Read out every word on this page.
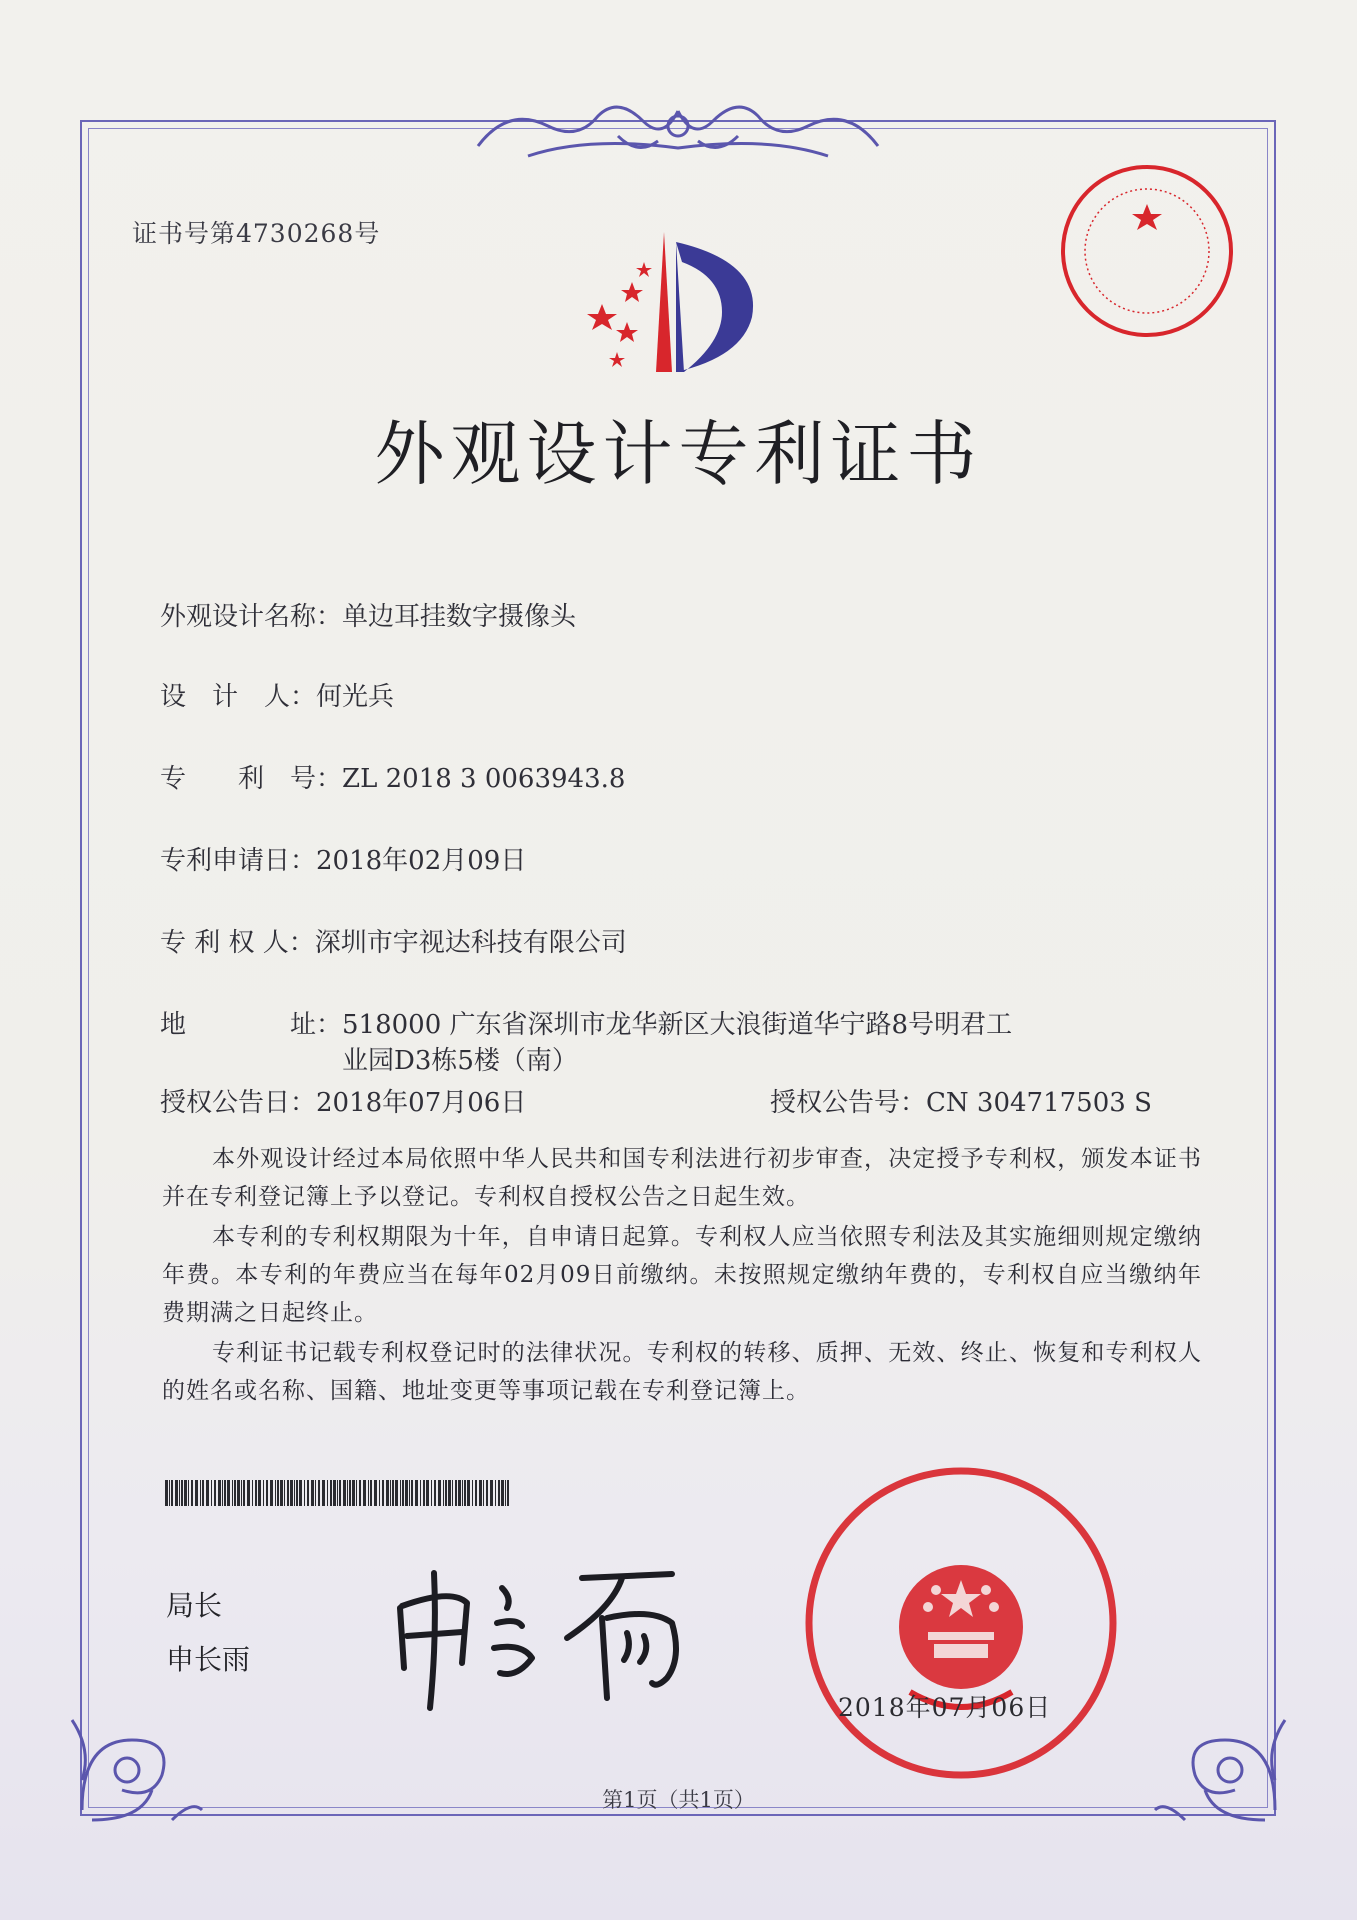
证书号第4730268号
外观设计专利证书
外观设计名称：单边耳挂数字摄像头
设　计　人：何光兵
专　　利　号：ZL 2018 3 0063943.8
专利申请日：2018年02月09日
专 利 权 人：深圳市宇视达科技有限公司
地　　　　址：518000 广东省深圳市龙华新区大浪街道华宁路8号明君工
业园D3栋5楼（南）
授权公告日：2018年07月06日	授权公告号：CN 304717503 S
本外观设计经过本局依照中华人民共和国专利法进行初步审查，决定授予专利权，颁发本证书并在专利登记簿上予以登记。专利权自授权公告之日起生效。
本专利的专利权期限为十年，自申请日起算。专利权人应当依照专利法及其实施细则规定缴纳年费。本专利的年费应当在每年02月09日前缴纳。未按照规定缴纳年费的，专利权自应当缴纳年费期满之日起终止。
专利证书记载专利权登记时的法律状况。专利权的转移、质押、无效、终止、恢复和专利权人的姓名或名称、国籍、地址变更等事项记载在专利登记簿上。
局长
申长雨
2018年07月06日
第1页（共1页）
